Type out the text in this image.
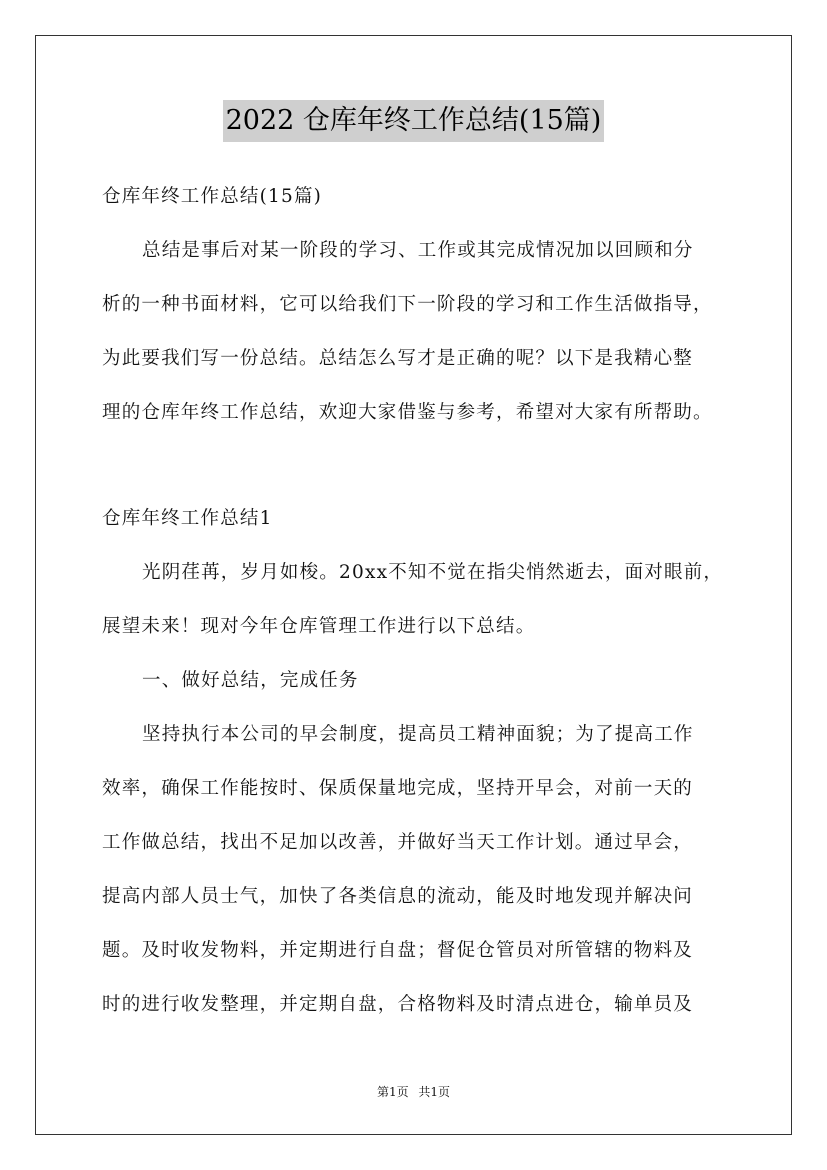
2022 仓库年终工作总结(15篇)
仓库年终工作总结(15篇)
总结是事后对某一阶段的学习、工作或其完成情况加以回顾和分
析的一种书面材料，它可以给我们下一阶段的学习和工作生活做指导，
为此要我们写一份总结。总结怎么写才是正确的呢？以下是我精心整
理的仓库年终工作总结，欢迎大家借鉴与参考，希望对大家有所帮助。
仓库年终工作总结1
光阴荏苒，岁月如梭。20xx不知不觉在指尖悄然逝去，面对眼前，
展望未来！现对今年仓库管理工作进行以下总结。
一、做好总结，完成任务
坚持执行本公司的早会制度，提高员工精神面貌；为了提高工作
效率，确保工作能按时、保质保量地完成，坚持开早会，对前一天的
工作做总结，找出不足加以改善，并做好当天工作计划。通过早会，
提高内部人员士气，加快了各类信息的流动，能及时地发现并解决问
题。及时收发物料，并定期进行自盘；督促仓管员对所管辖的物料及
时的进行收发整理，并定期自盘，合格物料及时清点进仓，输单员及
第1页 共1页
